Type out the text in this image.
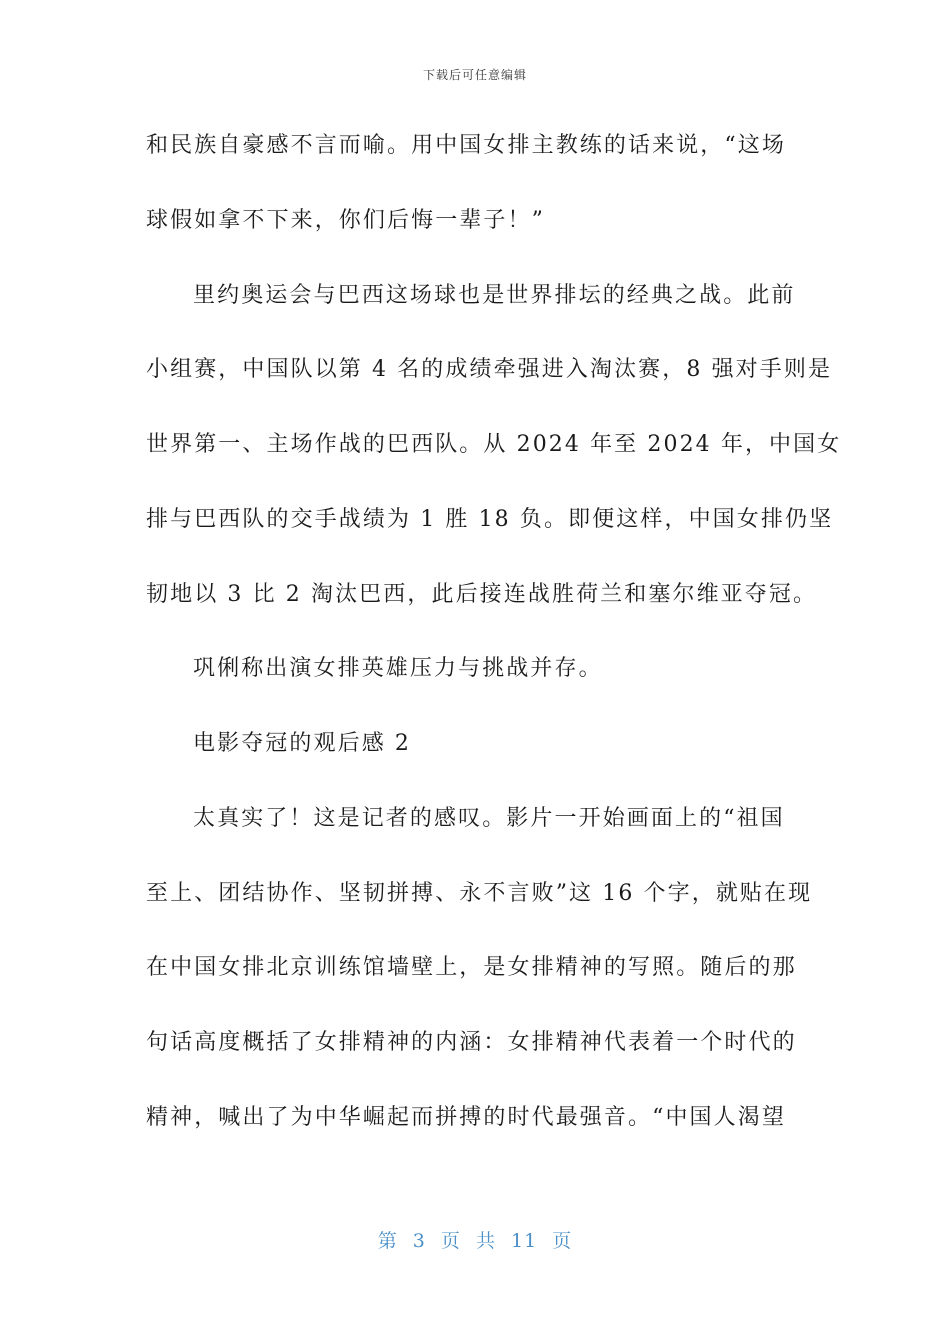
下载后可任意编辑
和民族自豪感不言而喻。用中国女排主教练的话来说，“这场
球假如拿不下来，你们后悔一辈子！”
里约奥运会与巴西这场球也是世界排坛的经典之战。此前
小组赛，中国队以第 4 名的成绩牵强进入淘汰赛，8 强对手则是
世界第一、主场作战的巴西队。从 2024 年至 2024 年，中国女
排与巴西队的交手战绩为 1 胜 18 负。即便这样，中国女排仍坚
韧地以 3 比 2 淘汰巴西，此后接连战胜荷兰和塞尔维亚夺冠。
巩俐称出演女排英雄压力与挑战并存。
电影夺冠的观后感 2
太真实了！这是记者的感叹。影片一开始画面上的“祖国
至上、团结协作、坚韧拼搏、永不言败”这 16 个字，就贴在现
在中国女排北京训练馆墙壁上，是女排精神的写照。随后的那
句话高度概括了女排精神的内涵：女排精神代表着一个时代的
精神，喊出了为中华崛起而拼搏的时代最强音。“中国人渴望
第 3 页 共 11 页
